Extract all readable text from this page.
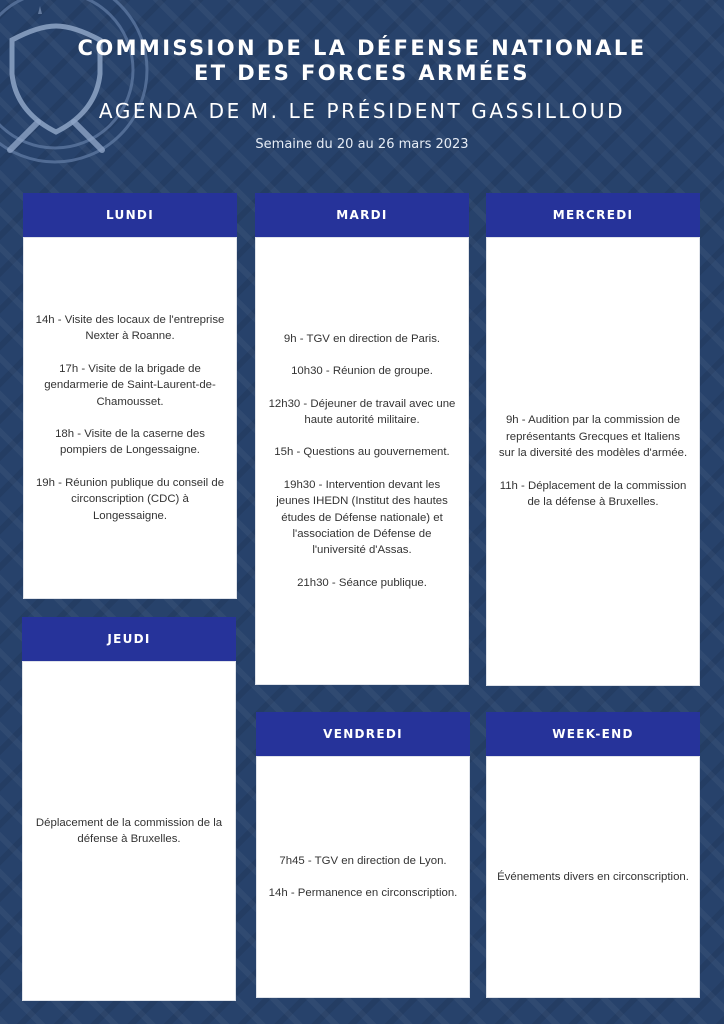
COMMISSION DE LA DÉFENSE NATIONALE
ET DES FORCES ARMÉES
AGENDA DE M. LE PRÉSIDENT GASSILLOUD
Semaine du 20 au 26 mars 2023
LUNDI

14h - Visite des locaux de l'entreprise Nexter à Roanne.

17h - Visite de la brigade de gendarmerie de Saint-Laurent-de-Chamousset.

18h - Visite de la caserne des pompiers de Longessaigne.

19h - Réunion publique du conseil de circonscription (CDC) à Longessaigne.

MARDI

9h - TGV en direction de Paris.

10h30 - Réunion de groupe.

12h30 - Déjeuner de travail avec une haute autorité militaire.

15h - Questions au gouvernement.

19h30 - Intervention devant les jeunes IHEDN (Institut des hautes études de Défense nationale) et l'association de Défense de l'université d'Assas.

21h30 - Séance publique.

MERCREDI

9h - Audition par la commission de représentants Grecques et Italiens sur la diversité des modèles d'armée.

11h - Déplacement de la commission de la défense à Bruxelles.

JEUDI

Déplacement de la commission de la défense à Bruxelles.

VENDREDI

7h45 - TGV en direction de Lyon.

14h - Permanence en circonscription.

WEEK-END

Événements divers en circonscription.
